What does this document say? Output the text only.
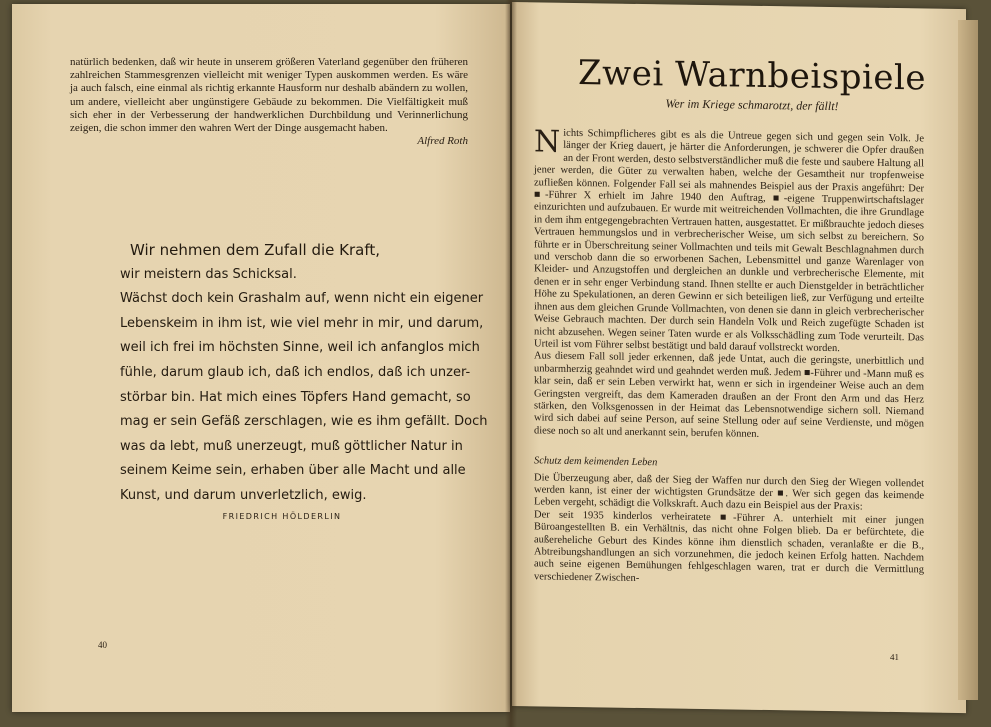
natürlich bedenken, daß wir heute in unserem größeren Vaterland gegenüber den früheren zahlreichen Stammesgrenzen vielleicht mit weniger Typen auskommen werden. Es wäre ja auch falsch, eine einmal als richtig erkannte Hausform nur deshalb abändern zu wollen, um andere, vielleicht aber ungünstigere Gebäude zu bekommen. Die Vielfältigkeit muß sich eher in der Verbesserung der handwerklichen Durchbildung und Verinnerlichung zeigen, die schon immer den wahren Wert der Dinge ausgemacht haben.

Alfred Roth

Wir nehmen dem Zufall die Kraft,
wir meistern das Schicksal.
Wächst doch kein Grashalm auf, wenn nicht ein eigener
Lebenskeim in ihm ist, wie viel mehr in mir, und darum,
weil ich frei im höchsten Sinne, weil ich anfanglos mich
fühle, darum glaub ich, daß ich endlos, daß ich unzer-
störbar bin. Hat mich eines Töpfers Hand gemacht, so
mag er sein Gefäß zerschlagen, wie es ihm gefällt. Doch
was da lebt, muß unerzeugt, muß göttlicher Natur in
seinem Keime sein, erhaben über alle Macht und alle
Kunst, und darum unverletzlich, ewig.
FRIEDRICH HÖLDERLIN
40
Zwei Warnbeispiele
Wer im Kriege schmarotzt, der fällt!

Nichts Schimpflicheres gibt es als die Untreue gegen sich und gegen sein Volk. Je länger der Krieg dauert, je härter die Anforderungen, je schwerer die Opfer draußen an der Front werden, desto selbstverständlicher muß die feste und saubere Haltung all jener werden, die Güter zu verwalten haben, welche der Gesamtheit nur tropfenweise zufließen können. Folgender Fall sei als mahnendes Beispiel aus der Praxis angeführt: Der ■-Führer X erhielt im Jahre 1940 den Auftrag, ■-eigene Truppenwirtschaftslager einzurichten und aufzubauen. Er wurde mit weitreichenden Vollmachten, die ihre Grundlage in dem ihm entgegengebrachten Vertrauen hatten, ausgestattet. Er mißbrauchte jedoch dieses Vertrauen hemmungslos und in verbrecherischer Weise, um sich selbst zu bereichern. So führte er in Überschreitung seiner Vollmachten und teils mit Gewalt Beschlagnahmen durch und verschob dann die so erworbenen Sachen, Lebensmittel und ganze Warenlager von Kleider- und Anzugstoffen und dergleichen an dunkle und verbrecherische Elemente, mit denen er in sehr enger Verbindung stand. Ihnen stellte er auch Dienstgelder in beträchtlicher Höhe zu Spekulationen, an deren Gewinn er sich beteiligen ließ, zur Verfügung und erteilte ihnen aus dem gleichen Grunde Vollmachten, von denen sie dann in gleich verbrecherischer Weise Gebrauch machten. Der durch sein Handeln Volk und Reich zugefügte Schaden ist nicht abzusehen. Wegen seiner Taten wurde er als Volksschädling zum Tode verurteilt. Das Urteil ist vom Führer selbst bestätigt und bald darauf vollstreckt worden.

Aus diesem Fall soll jeder erkennen, daß jede Untat, auch die geringste, unerbittlich und unbarmherzig geahndet wird und geahndet werden muß. Jedem ■-Führer und -Mann muß es klar sein, daß er sein Leben verwirkt hat, wenn er sich in irgendeiner Weise auch an dem Geringsten vergreift, das dem Kameraden draußen an der Front den Arm und das Herz stärken, den Volksgenossen in der Heimat das Lebensnotwendige sichern soll. Niemand wird sich dabei auf seine Person, auf seine Stellung oder auf seine Verdienste, und mögen diese noch so alt und anerkannt sein, berufen können.

Schutz dem keimenden Leben

Die Überzeugung aber, daß der Sieg der Waffen nur durch den Sieg der Wiegen vollendet werden kann, ist einer der wichtigsten Grundsätze der ■. Wer sich gegen das keimende Leben vergeht, schädigt die Volkskraft. Auch dazu ein Beispiel aus der Praxis:

Der seit 1935 kinderlos verheiratete ■-Führer A. unterhielt mit einer jungen Büroangestellten B. ein Verhältnis, das nicht ohne Folgen blieb. Da er befürchtete, die außereheliche Geburt des Kindes könne ihm dienstlich schaden, veranlaßte er die B., Abtreibungshandlungen an sich vorzunehmen, die jedoch keinen Erfolg hatten. Nachdem auch seine eigenen Bemühungen fehlgeschlagen waren, trat er durch die Vermittlung verschiedener Zwischen-

41
